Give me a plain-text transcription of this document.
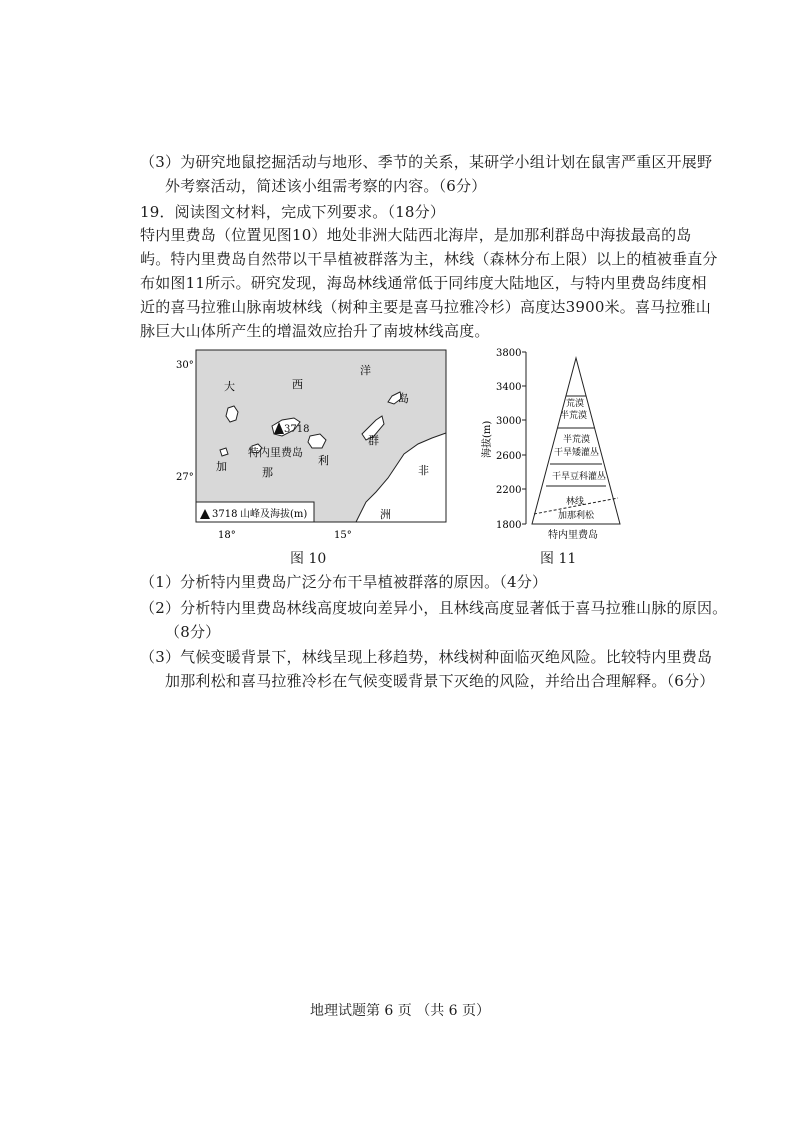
（3）为研究地鼠挖掘活动与地形、季节的关系，某研学小组计划在鼠害严重区开展野
外考察活动，简述该小组需考察的内容。（6分）
19．阅读图文材料，完成下列要求。（18分）
特内里费岛（位置见图10）地处非洲大陆西北海岸，是加那利群岛中海拔最高的岛
屿。特内里费岛自然带以干旱植被群落为主，林线（森林分布上限）以上的植被垂直分
布如图11所示。研究发现，海岛林线通常低于同纬度大陆地区，与特内里费岛纬度相
近的喜马拉雅山脉南坡林线（树种主要是喜马拉雅冷杉）高度达3900米。喜马拉雅山
脉巨大山体所产生的增温效应抬升了南坡林线高度。
3718
特内里费岛
大	西
洋
加	那
利
岛
群
非
洲
30°
27°
18°	15°
3718 山峰及海拔(m)
图 10
3800
3400
3000
2600
2200
1800
海拔(m)
荒漠
半荒漠
半荒漠
干旱矮灌丛
干旱豆科灌丛
林线
加那利松
特内里费岛
图 11
（1）分析特内里费岛广泛分布干旱植被群落的原因。（4分）
（2）分析特内里费岛林线高度坡向差异小，且林线高度显著低于喜马拉雅山脉的原因。
（8分）
（3）气候变暖背景下，林线呈现上移趋势，林线树种面临灭绝风险。比较特内里费岛
加那利松和喜马拉雅冷杉在气候变暖背景下灭绝的风险，并给出合理解释。（6分）
地理试题第 6 页 （共 6 页）
